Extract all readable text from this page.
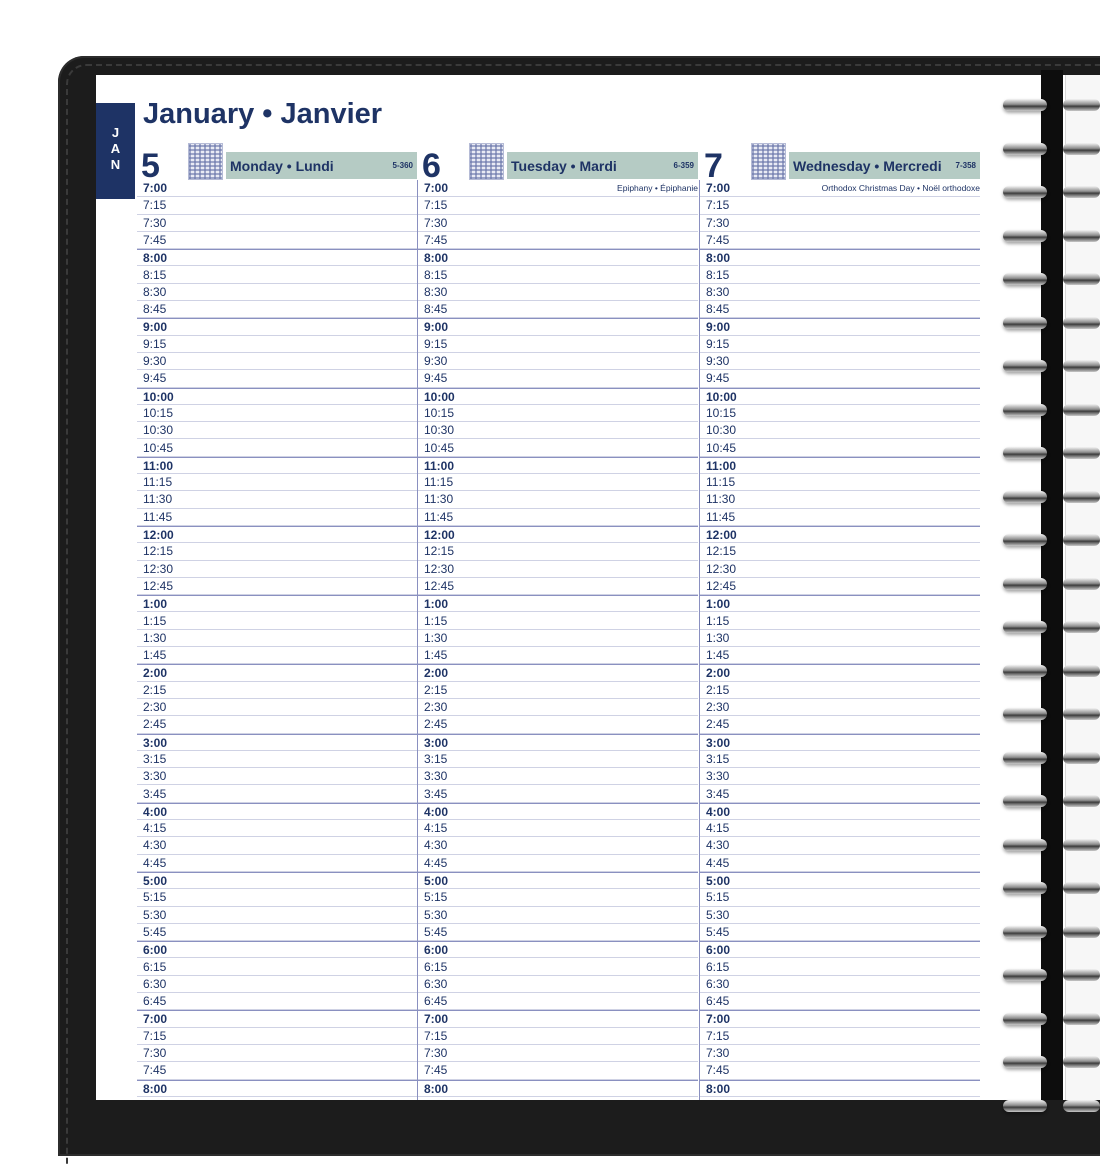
J
A
N
January • Janvier
5	Monday • Lundi	5-360 6	Tuesday • Mardi	6-359
Epiphany • Épiphanie
7	Wednesday • Mercredi 7-358
Orthodox Christmas Day • Noël orthodoxe
7:00	7:00	7:00
7:15	7:15	7:15
7:30	7:30	7:30
7:45	7:45	7:45
8:00	8:00	8:00
8:15	8:15	8:15
8:30	8:30	8:30
8:45	8:45	8:45
9:00	9:00	9:00
9:15	9:15	9:15
9:30	9:30	9:30
9:45	9:45	9:45
10:00	10:00	10:00
10:15	10:15	10:15
10:30	10:30	10:30
10:45	10:45	10:45
11:00	11:00	11:00
11:15	11:15	11:15
11:30	11:30	11:30
11:45	11:45	11:45
12:00	12:00	12:00
12:15	12:15	12:15
12:30	12:30	12:30
12:45	12:45	12:45
1:00	1:00	1:00
1:15	1:15	1:15
1:30	1:30	1:30
1:45	1:45	1:45
2:00	2:00	2:00
2:15	2:15	2:15
2:30	2:30	2:30
2:45	2:45	2:45
3:00	3:00	3:00
3:15	3:15	3:15
3:30	3:30	3:30
3:45	3:45	3:45
4:00	4:00	4:00
4:15	4:15	4:15
4:30	4:30	4:30
4:45	4:45	4:45
5:00	5:00	5:00
5:15	5:15	5:15
5:30	5:30	5:30
5:45	5:45	5:45
6:00	6:00	6:00
6:15	6:15	6:15
6:30	6:30	6:30
6:45	6:45	6:45
7:00	7:00	7:00
7:15	7:15	7:15
7:30	7:30	7:30
7:45	7:45	7:45
8:00	8:00	8:00
